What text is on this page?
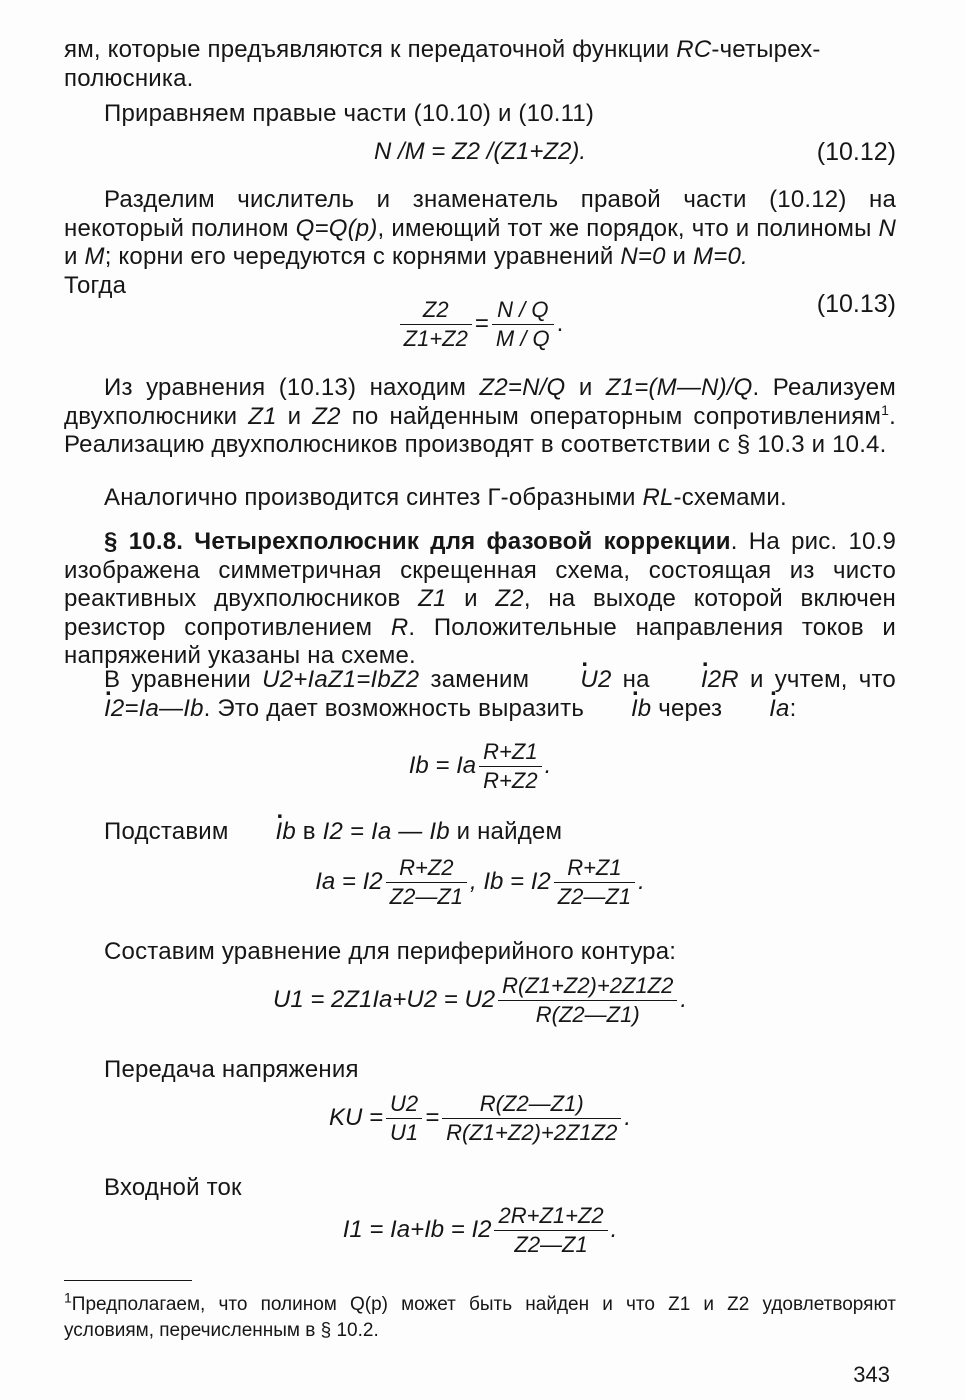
ям, которые предъявляются к передаточной функции RC-четырех-
полюсника.
Приравняем правые части (10.10) и (10.11)
N /M = Z2 /(Z1+Z2).	(10.12)
Разделим числитель и знаменатель правой части (10.12) на некоторый полином Q=Q(p), имеющий тот же порядок, что и полиномы N и M; корни его чередуются с корнями уравнений N=0 и M=0.
Тогда
$\frac{Z2}{Z1+Z2} = \frac{N / Q}{M / Q}$ .
(10.13)
Из уравнения (10.13) находим Z2=N/Q и Z1=(M—N)/Q. Реализуем двухполюсники Z1 и Z2 по найденным операторным сопротивлениям$^1$. Реализацию двухполюсников производят в соответствии с § 10.3 и 10.4.
Аналогично производится синтез Г-образными RL-схемами.
§ 10.8. Четырехполюсник для фазовой коррекции. На рис. 10.9 изображена симметричная скрещенная схема, состоящая из чисто реактивных двухполюсников Z1 и Z2, на выходе которой включен резистор сопротивлением R. Положительные направления токов и напряжений указаны на схеме.
В уравнении U2+IaZ1=IbZ2 заменим . U2 на . I2R и учтем, что . I2=Ia—Ib. Это дает возможность выразить . Ib через . Ia:
Ib = Ia $\frac{R+Z1}{R+Z2}$ .
Подставим . Ib в I2 = Ia — Ib и найдем
$Ia = I2 \frac{R+Z2}{Z2—Z1}$ , $Ib = I2 \frac{R+Z1}{Z2—Z1}$ .
Составим уравнение для периферийного контура:
$U1 = 2Z1Ia+U2 = U2 \frac{R(Z1+Z2)+2Z1Z2}{R(Z2—Z1)}$ .
Передача напряжения
KU = $\frac{U2}{U1} = \frac{R(Z2—Z1)}{R(Z1+Z2)+2Z1Z2}$ .
Входной ток
$I1 = Ia+Ib = I2 \frac{2R+Z1+Z2}{Z2—Z1}$ .
$^1$Предполагаем, что полином Q(p) может быть найден и что Z1 и Z2 удовлетворяют условиям, перечисленным в § 10.2.
343
